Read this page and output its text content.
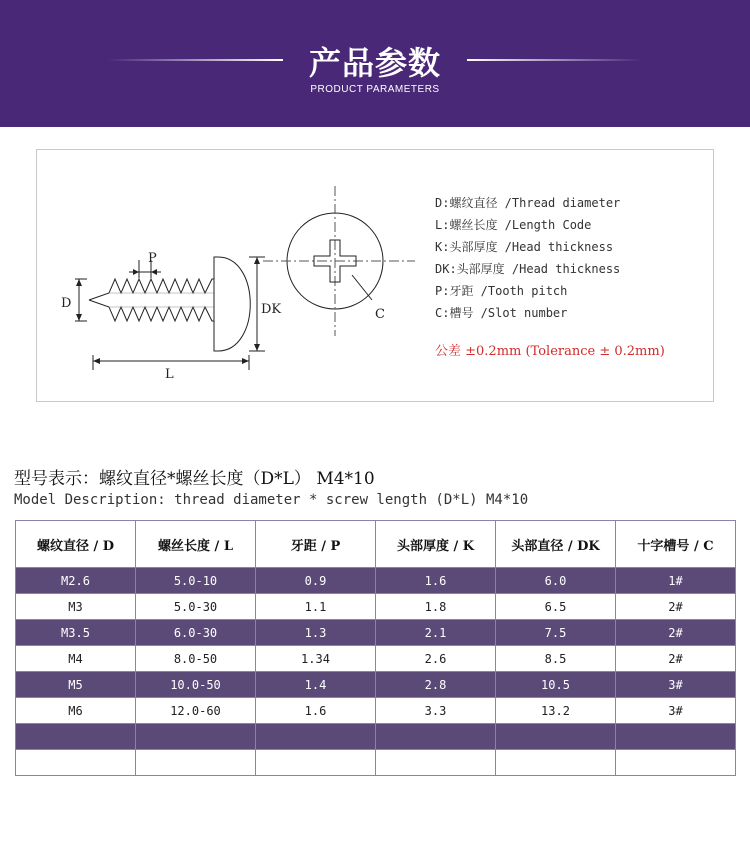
产品参数
PRODUCT PARAMETERS
D
P
DK
L
C
D:螺纹直径 /Thread diameter
L:螺丝长度 /Length Code
K:头部厚度 /Head thickness
DK:头部厚度 /Head thickness
P:牙距 /Tooth pitch
C:槽号 /Slot number
公差 ±0.2mm (Tolerance ± 0.2mm)
型号表示：螺纹直径*螺丝长度（D*L） M4*10
Model Description: thread diameter * screw length (D*L) M4*10
螺纹直径 / D	螺丝长度 / L	牙距 / P	头部厚度 / K	头部直径 / DK	十字槽号 / C
M2.6	5.0-10	0.9	1.6	6.0	1#
M3	5.0-30	1.1	1.8	6.5	2#
M3.5	6.0-30	1.3	2.1	7.5	2#
M4	8.0-50	1.34	2.6	8.5	2#
M5	10.0-50	1.4	2.8	10.5	3#
M6	12.0-60	1.6	3.3	13.2	3#
